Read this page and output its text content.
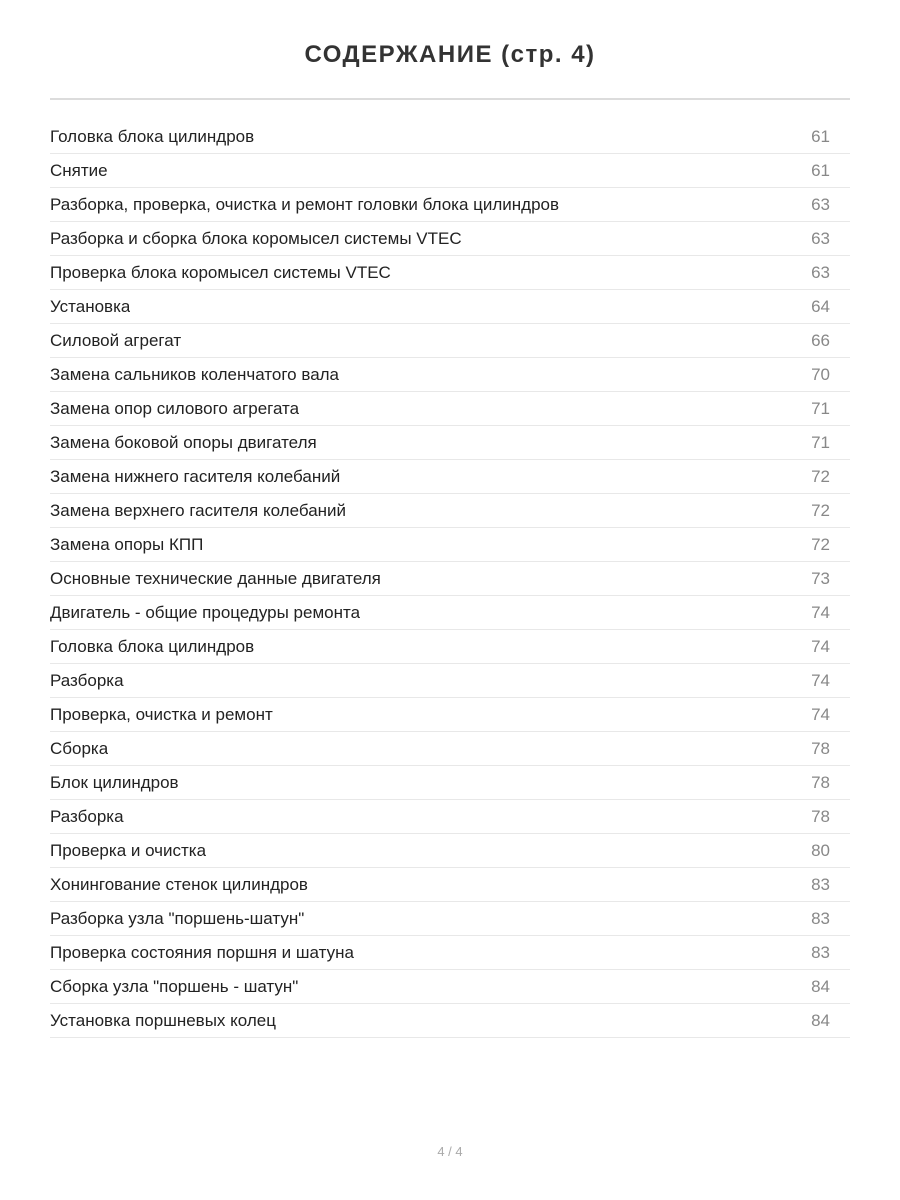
СОДЕРЖАНИЕ (стр. 4)
Головка блока цилиндров	61
Снятие	61
Разборка, проверка, очистка и ремонт головки блока цилиндров	63
Разборка и сборка блока коромысел системы VTEC	63
Проверка блока коромысел системы VTEC	63
Установка	64
Силовой агрегат	66
Замена сальников коленчатого вала	70
Замена опор силового агрегата	71
Замена боковой опоры двигателя	71
Замена нижнего гасителя колебаний	72
Замена верхнего гасителя колебаний	72
Замена опоры КПП	72
Основные технические данные двигателя	73
Двигатель - общие процедуры ремонта	74
Головка блока цилиндров	74
Разборка	74
Проверка, очистка и ремонт	74
Сборка	78
Блок цилиндров	78
Разборка	78
Проверка и очистка	80
Хонингование стенок цилиндров	83
Разборка узла "поршень-шатун"	83
Проверка состояния поршня и шатуна	83
Сборка узла "поршень - шатун"	84
Установка поршневых колец	84
4 / 4
